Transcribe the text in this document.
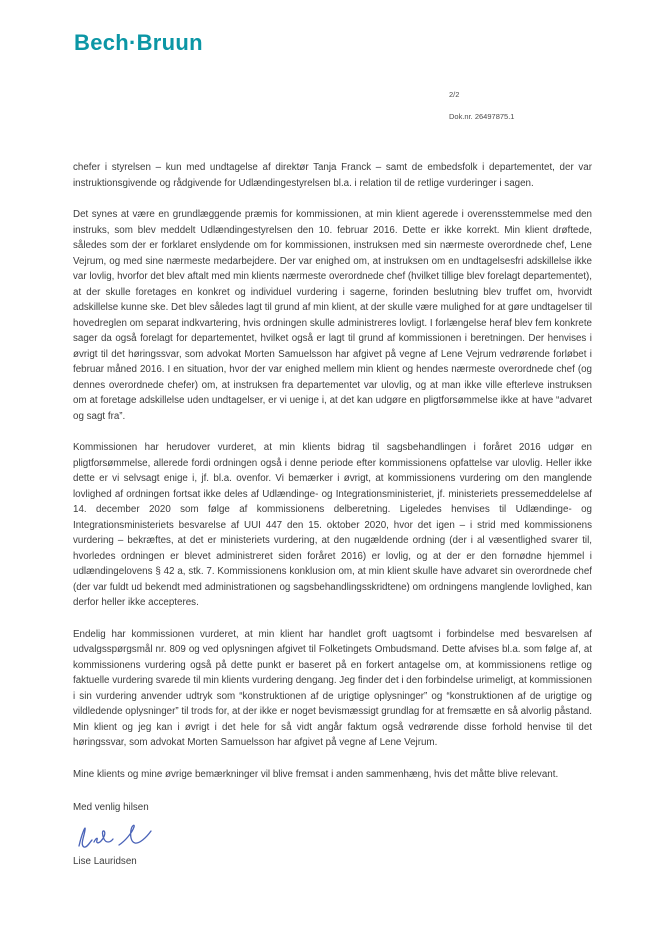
Bech·Bruun
2/2
Dok.nr. 26497875.1

chefer i styrelsen – kun med undtagelse af direktør Tanja Franck – samt de embedsfolk i departementet, der var instruktionsgivende og rådgivende for Udlændingestyrelsen bl.a. i relation til de retlige vurderinger i sagen.

Det synes at være en grundlæggende præmis for kommissionen, at min klient agerede i overensstemmelse med den instruks, som blev meddelt Udlændingestyrelsen den 10. februar 2016. Dette er ikke korrekt. Min klient drøftede, således som der er forklaret enslydende om for kommissionen, instruksen med sin nærmeste overordnede chef, Lene Vejrum, og med sine nærmeste medarbejdere. Der var enighed om, at instruksen om en undtagelsesfri adskillelse ikke var lovlig, hvorfor det blev aftalt med min klients nærmeste overordnede chef (hvilket tillige blev forelagt departementet), at der skulle foretages en konkret og individuel vurdering i sagerne, forinden beslutning blev truffet om, hvorvidt adskillelse kunne ske. Det blev således lagt til grund af min klient, at der skulle være mulighed for at gøre undtagelser til hovedreglen om separat indkvartering, hvis ordningen skulle administreres lovligt. I forlængelse heraf blev fem konkrete sager da også forelagt for departementet, hvilket også er lagt til grund af kommissionen i beretningen. Der henvises i øvrigt til det høringssvar, som advokat Morten Samuelsson har afgivet på vegne af Lene Vejrum vedrørende forløbet i februar måned 2016. I en situation, hvor der var enighed mellem min klient og hendes nærmeste overordnede chef (og dennes overordnede chefer) om, at instruksen fra departementet var ulovlig, og at man ikke ville efterleve instruksen om at foretage adskillelse uden undtagelser, er vi uenige i, at det kan udgøre en pligtforsømmelse ikke at have “advaret og sagt fra”.

Kommissionen har herudover vurderet, at min klients bidrag til sagsbehandlingen i foråret 2016 udgør en pligtforsømmelse, allerede fordi ordningen også i denne periode efter kommissionens opfattelse var ulovlig. Heller ikke dette er vi selvsagt enige i, jf. bl.a. ovenfor. Vi bemærker i øvrigt, at kommissionens vurdering om den manglende lovlighed af ordningen fortsat ikke deles af Udlændinge- og Integrationsministeriet, jf. ministeriets pressemeddelelse af 14. december 2020 som følge af kommissionens delberetning. Ligeledes henvises til Udlændinge- og Integrationsministeriets besvarelse af UUI 447 den 15. oktober 2020, hvor det igen – i strid med kommissionens vurdering – bekræftes, at det er ministeriets vurdering, at den nugældende ordning (der i al væsentlighed svarer til, hvorledes ordningen er blevet administreret siden foråret 2016) er lovlig, og at der er den fornødne hjemmel i udlændingelovens § 42 a, stk. 7. Kommissionens konklusion om, at min klient skulle have advaret sin overordnede chef (der var fuldt ud bekendt med administrationen og sagsbehandlingsskridtene) om ordningens manglende lovlighed, kan derfor heller ikke accepteres.

Endelig har kommissionen vurderet, at min klient har handlet groft uagtsomt i forbindelse med besvarelsen af udvalgsspørgsmål nr. 809 og ved oplysningen afgivet til Folketingets Ombudsmand. Dette afvises bl.a. som følge af, at kommissionens vurdering også på dette punkt er baseret på en forkert antagelse om, at kommissionens retlige og faktuelle vurdering svarede til min klients vurdering dengang. Jeg finder det i den forbindelse urimeligt, at kommissionen i sin vurdering anvender udtryk som “konstruktionen af de urigtige oplysninger” og “konstruktionen af de urigtige og vildledende oplysninger” til trods for, at der ikke er noget bevismæssigt grundlag for at fremsætte en så alvorlig påstand. Min klient og jeg kan i øvrigt i det hele for så vidt angår faktum også vedrørende disse forhold henvise til det høringssvar, som advokat Morten Samuelsson har afgivet på vegne af Lene Vejrum.

Mine klients og mine øvrige bemærkninger vil blive fremsat i anden sammenhæng, hvis det måtte blive relevant.

Med venlig hilsen
Lise Lauridsen
